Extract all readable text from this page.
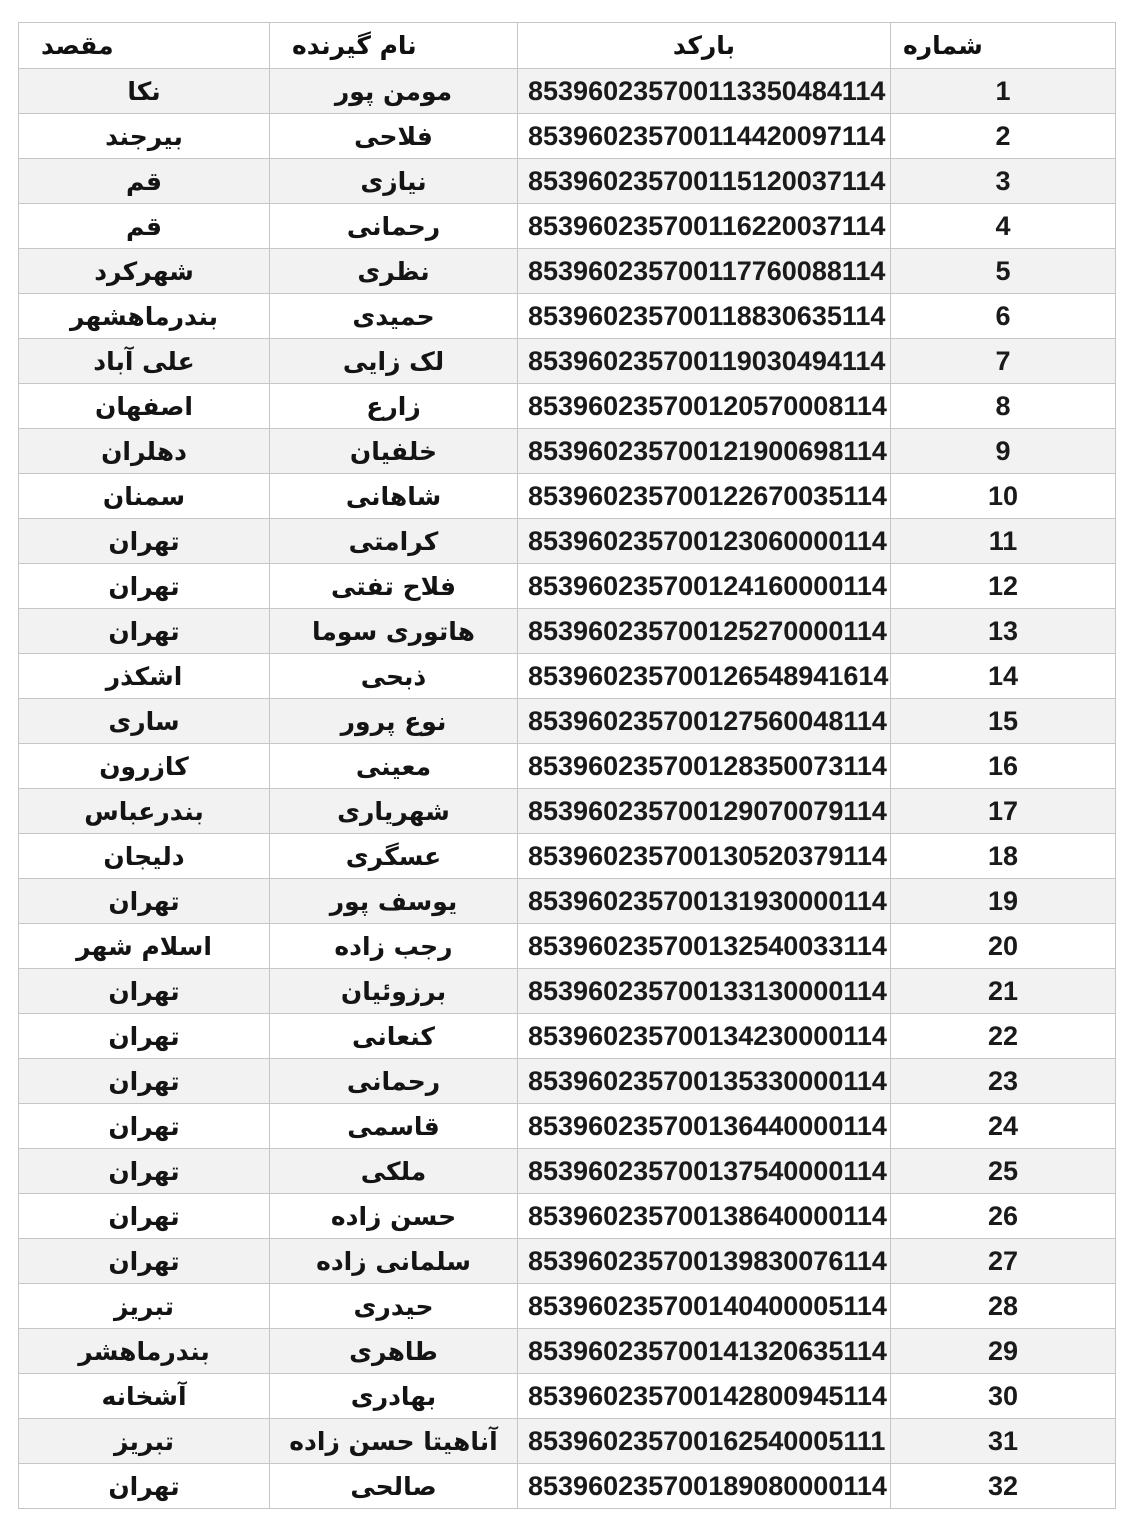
شماره	بارکد	نام گیرنده	مقصد
1	853960235700113350484114	مومن پور	نکا
2	853960235700114420097114	فلاحی	بیرجند
3	853960235700115120037114	نیازی	قم
4	853960235700116220037114	رحمانی	قم
5	853960235700117760088114	نظری	شهرکرد
6	853960235700118830635114	حمیدی	بندرماهشهر
7	853960235700119030494114	لک زایی	علی آباد
8	853960235700120570008114	زارع	اصفهان
9	853960235700121900698114	خلفیان	دهلران
10	853960235700122670035114	شاهانی	سمنان
11	853960235700123060000114	کرامتی	تهران
12	853960235700124160000114	فلاح تفتی	تهران
13	853960235700125270000114	هاتوری سوما	تهران
14	853960235700126548941614	ذبحی	اشکذر
15	853960235700127560048114	نوع پرور	ساری
16	853960235700128350073114	معینی	کازرون
17	853960235700129070079114	شهریاری	بندرعباس
18	853960235700130520379114	عسگری	دلیجان
19	853960235700131930000114	یوسف پور	تهران
20	853960235700132540033114	رجب زاده	اسلام شهر
21	853960235700133130000114	برزوئیان	تهران
22	853960235700134230000114	کنعانی	تهران
23	853960235700135330000114	رحمانی	تهران
24	853960235700136440000114	قاسمی	تهران
25	853960235700137540000114	ملکی	تهران
26	853960235700138640000114	حسن زاده	تهران
27	853960235700139830076114	سلمانی زاده	تهران
28	853960235700140400005114	حیدری	تبریز
29	853960235700141320635114	طاهری	بندرماهشر
30	853960235700142800945114	بهادری	آشخانه
31	853960235700162540005111	آناهیتا حسن زاده	تبریز
32	853960235700189080000114	صالحی	تهران
